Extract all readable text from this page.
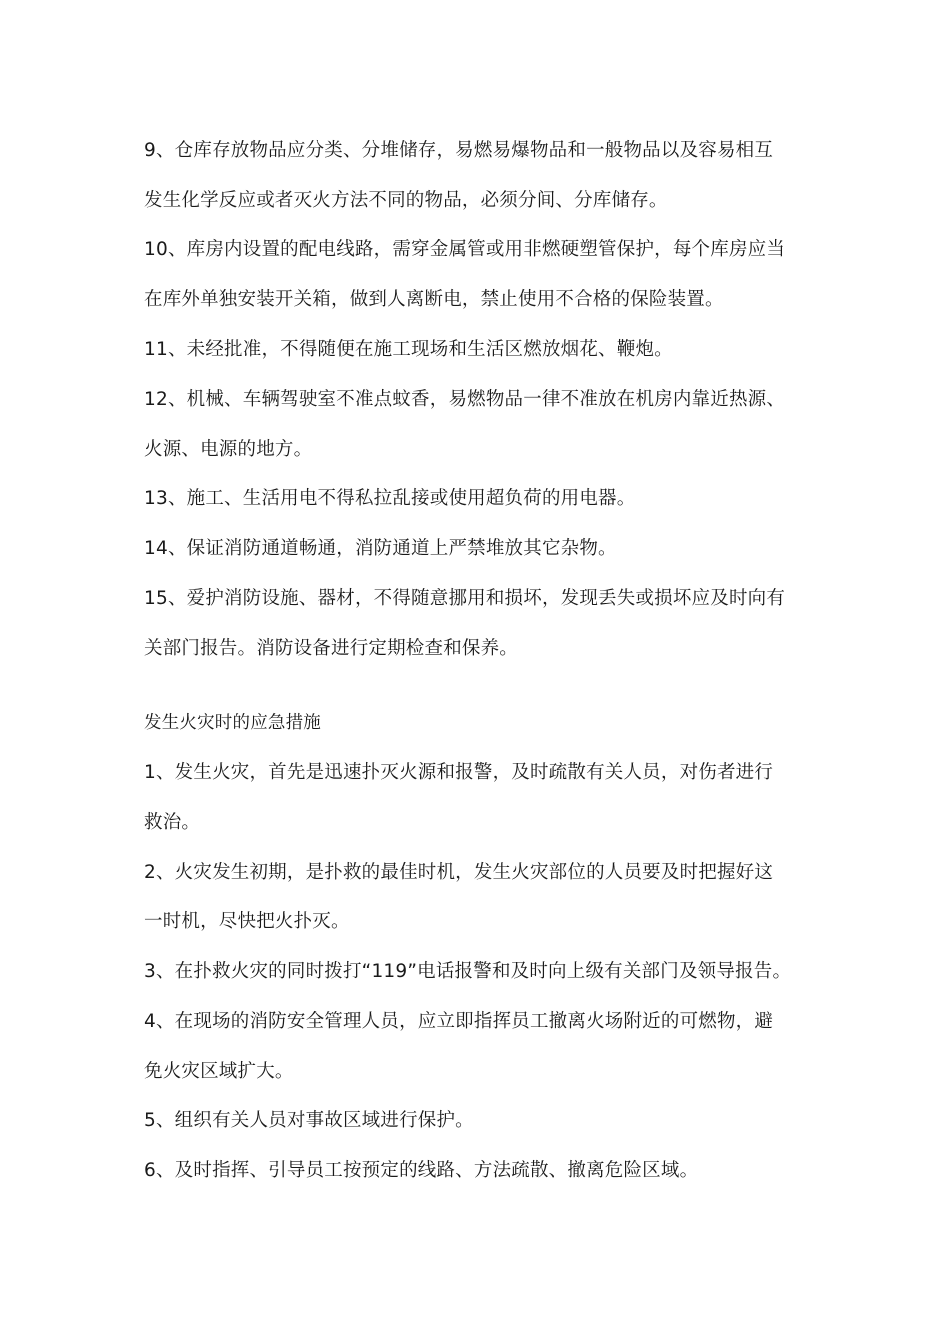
9、仓库存放物品应分类、分堆储存，易燃易爆物品和一般物品以及容易相互
发生化学反应或者灭火方法不同的物品，必须分间、分库储存。
10、库房内设置的配电线路，需穿金属管或用非燃硬塑管保护，每个库房应当
在库外单独安装开关箱，做到人离断电，禁止使用不合格的保险装置。
11、未经批准，不得随便在施工现场和生活区燃放烟花、鞭炮。
12、机械、车辆驾驶室不准点蚊香，易燃物品一律不准放在机房内靠近热源、
火源、电源的地方。
13、施工、生活用电不得私拉乱接或使用超负荷的用电器。
14、保证消防通道畅通，消防通道上严禁堆放其它杂物。
15、爱护消防设施、器材，不得随意挪用和损坏，发现丢失或损坏应及时向有
关部门报告。消防设备进行定期检查和保养。
发生火灾时的应急措施
1、发生火灾，首先是迅速扑灭火源和报警，及时疏散有关人员，对伤者进行
救治。
2、火灾发生初期，是扑救的最佳时机，发生火灾部位的人员要及时把握好这
一时机，尽快把火扑灭。
3、在扑救火灾的同时拨打“119”电话报警和及时向上级有关部门及领导报告。
4、在现场的消防安全管理人员，应立即指挥员工撤离火场附近的可燃物，避
免火灾区域扩大。
5、组织有关人员对事故区域进行保护。
6、及时指挥、引导员工按预定的线路、方法疏散、撤离危险区域。
